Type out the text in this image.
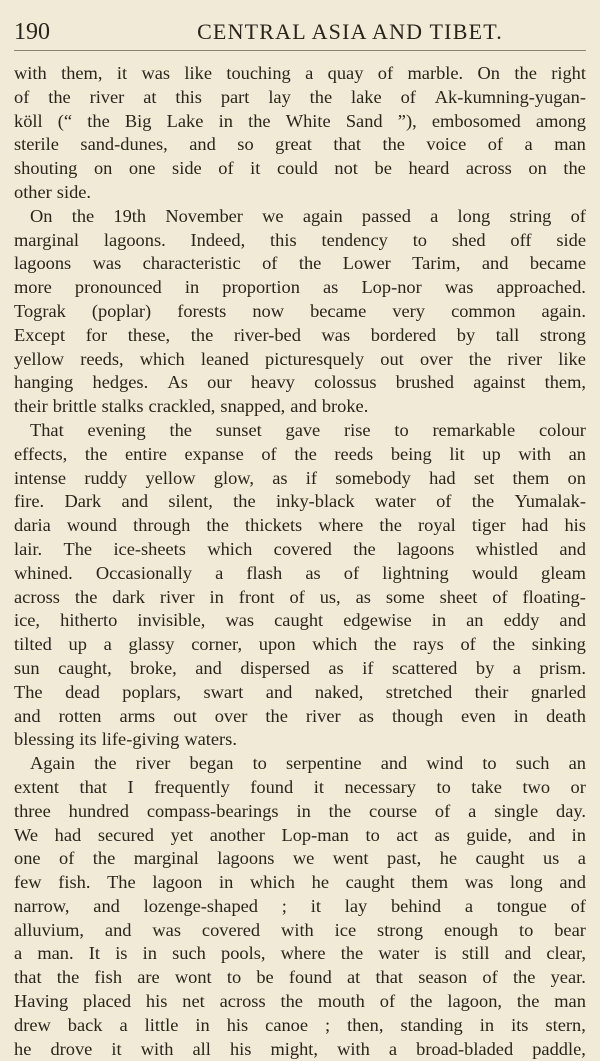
190	CENTRAL ASIA AND TIBET.
with them, it was like touching a quay of marble. On the right
of the river at this part lay the lake of Ak-kumning-yugan-
köll (“ the Big Lake in the White Sand ”), embosomed among
sterile sand-dunes, and so great that the voice of a man
shouting on one side of it could not be heard across on the
other side.
On the 19th November we again passed a long string of
marginal lagoons. Indeed, this tendency to shed off side
lagoons was characteristic of the Lower Tarim, and became
more pronounced in proportion as Lop-nor was approached.
Tograk (poplar) forests now became very common again.
Except for these, the river-bed was bordered by tall strong
yellow reeds, which leaned picturesquely out over the river like
hanging hedges. As our heavy colossus brushed against them,
their brittle stalks crackled, snapped, and broke.
That evening the sunset gave rise to remarkable colour
effects, the entire expanse of the reeds being lit up with an
intense ruddy yellow glow, as if somebody had set them on
fire. Dark and silent, the inky-black water of the Yumalak-
daria wound through the thickets where the royal tiger had his
lair. The ice-sheets which covered the lagoons whistled and
whined. Occasionally a flash as of lightning would gleam
across the dark river in front of us, as some sheet of floating-
ice, hitherto invisible, was caught edgewise in an eddy and
tilted up a glassy corner, upon which the rays of the sinking
sun caught, broke, and dispersed as if scattered by a prism.
The dead poplars, swart and naked, stretched their gnarled
and rotten arms out over the river as though even in death
blessing its life-giving waters.
Again the river began to serpentine and wind to such an
extent that I frequently found it necessary to take two or
three hundred compass-bearings in the course of a single day.
We had secured yet another Lop-man to act as guide, and in
one of the marginal lagoons we went past, he caught us a
few fish. The lagoon in which he caught them was long and
narrow, and lozenge-shaped ; it lay behind a tongue of
alluvium, and was covered with ice strong enough to bear
a man. It is in such pools, where the water is still and clear,
that the fish are wont to be found at that season of the year.
Having placed his net across the mouth of the lagoon, the man
drew back a little in his canoe ; then, standing in its stern,
he drove it with all his might, with a broad-bladed paddle,
